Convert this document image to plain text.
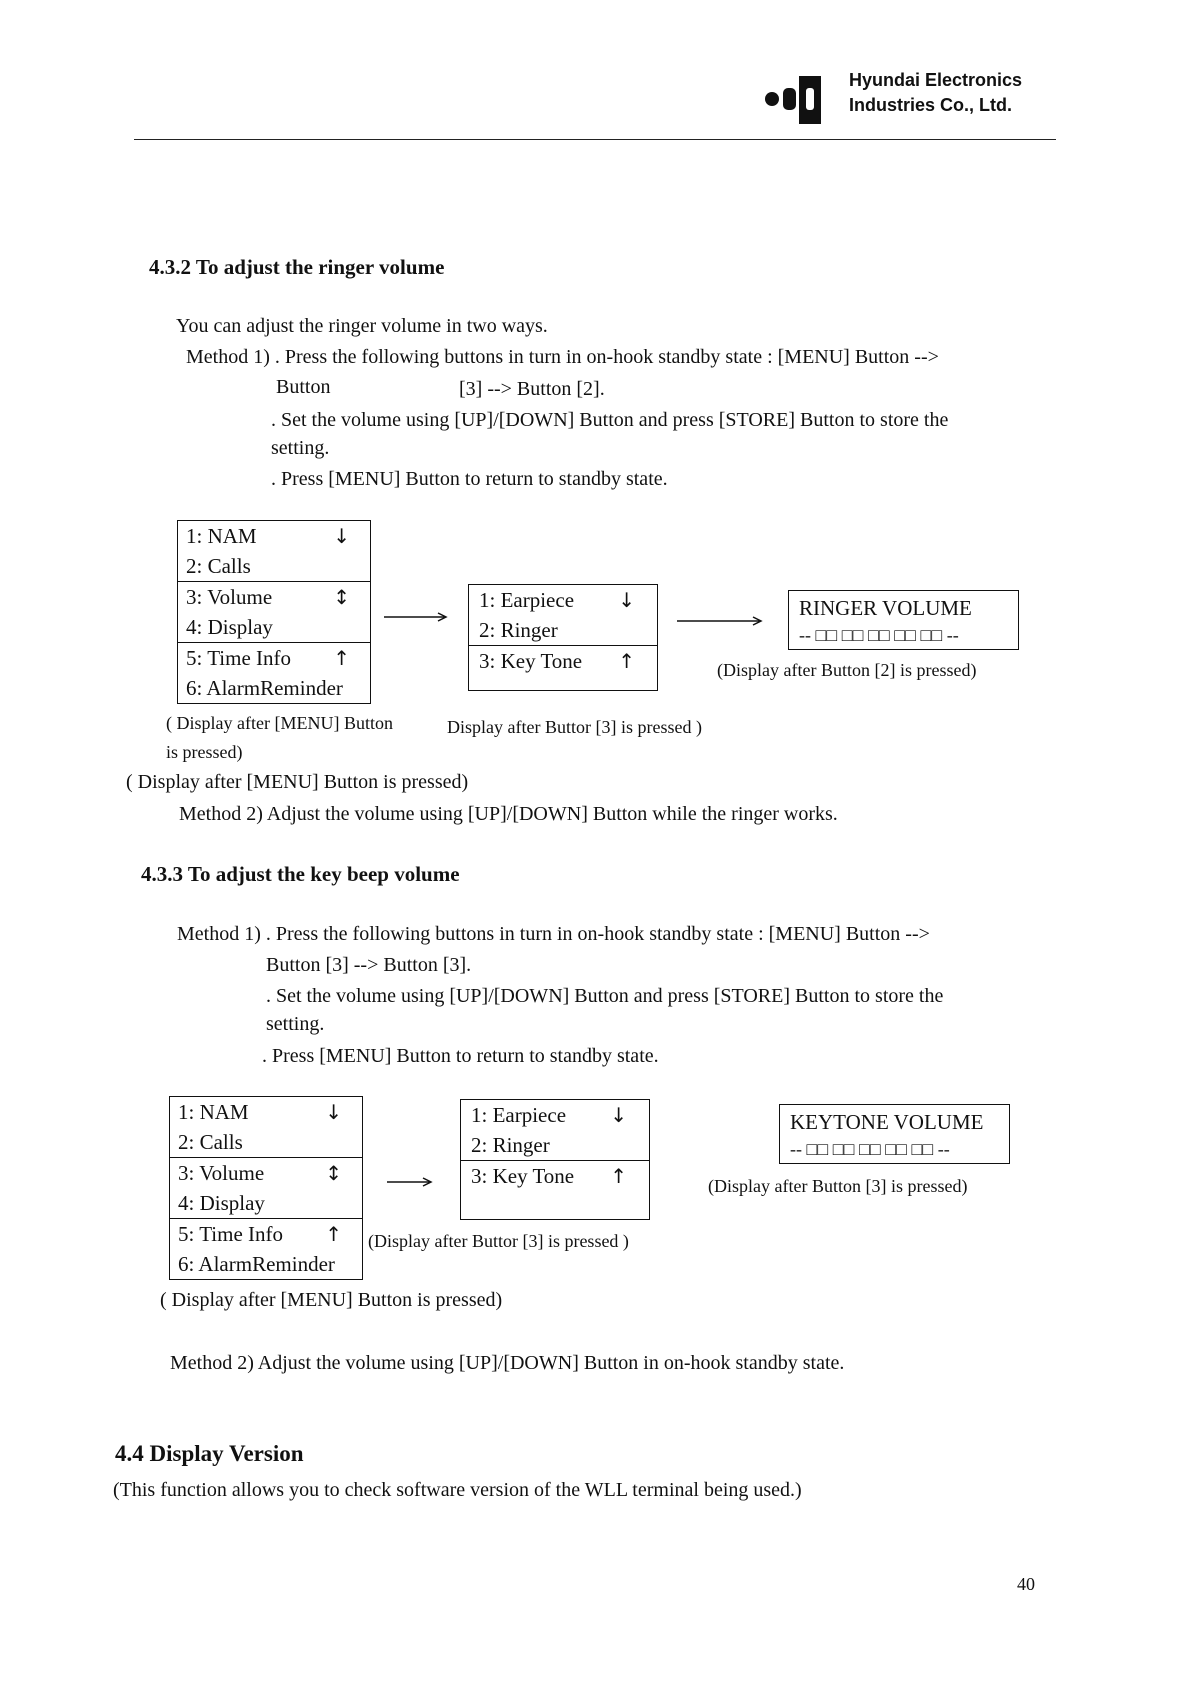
Hyundai Electronics
Industries Co., Ltd.
4.3.2 To adjust the ringer volume
You can adjust the ringer volume in two ways.
Method 1) . Press the following buttons in turn in on-hook standby state : [MENU] Button -->
Button	[3] --> Button [2].
. Set the volume using [UP]/[DOWN] Button and press [STORE] Button to store the
setting.
. Press [MENU] Button to return to standby state.
1: NAM	↓
2: Calls
3: Volume	↕
4: Display
5: Time Info ↑
6: AlarmReminder
1: Earpiece ↓
2: Ringer
3: Key Tone ↑
RINGER VOLUME
-- □□ □□ □□ □□ □□ --
( Display after [MENU] Button
is pressed)
Display after Buttor [3] is pressed )
(Display after Button [2] is pressed)
( Display after [MENU] Button is pressed)
Method 2) Adjust the volume using [UP]/[DOWN] Button while the ringer works.
4.3.3 To adjust the key beep volume
Method 1) . Press the following buttons in turn in on-hook standby state : [MENU] Button -->
Button [3] --> Button [3].
. Set the volume using [UP]/[DOWN] Button and press [STORE] Button to store the
setting.
. Press [MENU] Button to return to standby state.
1: NAM	↓
2: Calls
3: Volume	↕
4: Display
5: Time Info ↑
6: AlarmReminder
1: Earpiece ↓
2: Ringer
3: Key Tone ↑
KEYTONE VOLUME
-- □□ □□ □□ □□ □□ --
(Display after Buttor [3] is pressed )
(Display after Button [3] is pressed)
( Display after [MENU] Button is pressed)
Method 2) Adjust the volume using [UP]/[DOWN] Button in on-hook standby state.
4.4 Display Version
(This function allows you to check software version of the WLL terminal being used.)
40
